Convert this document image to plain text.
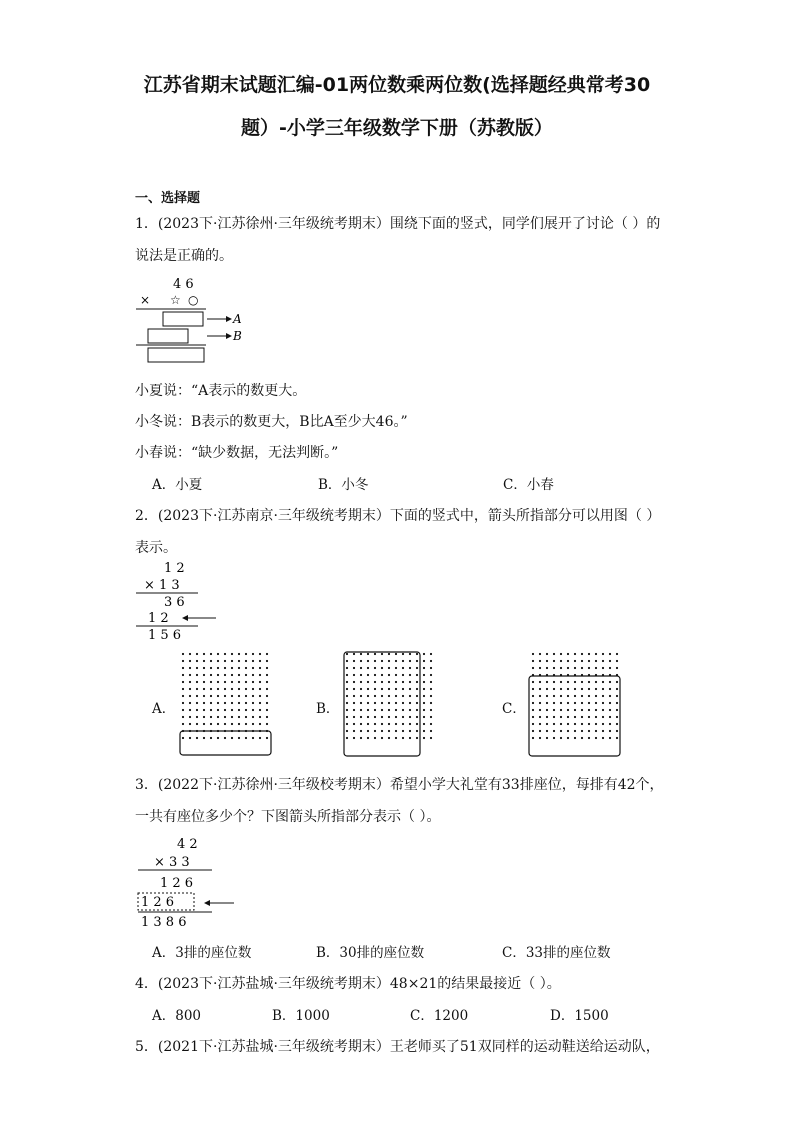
江苏省期末试题汇编-01两位数乘两位数(选择题经典常考30
题）-小学三年级数学下册（苏教版）
一、选择题
1．(2023下·江苏徐州·三年级统考期末）围绕下面的竖式，同学们展开了讨论（ ）的
说法是正确的。
4 6
× ☆ ○
A
B
小夏说：“A表示的数更大。
小冬说：B表示的数更大，B比A至少大46。”
小春说：“缺少数据，无法判断。”
A．小夏	B．小冬	C．小春
2．(2023下·江苏南京·三年级统考期末）下面的竖式中，箭头所指部分可以用图（ ）
表示。
1 2
× 1 3
3 6
1 2
1 5 6
A．	B．	C．
3．(2022下·江苏徐州·三年级校考期末）希望小学大礼堂有33排座位，每排有42个，
一共有座位多少个？下图箭头所指部分表示（ ）。
4 2
× 3 3
1 2 6
1 2 6
1 3 8 6
A．3排的座位数	B．30排的座位数	C．33排的座位数
4．(2023下·江苏盐城·三年级统考期末）48×21的结果最接近（ ）。
A．800	B．1000	C．1200	D．1500
5．(2021下·江苏盐城·三年级统考期末）王老师买了51双同样的运动鞋送给运动队，
